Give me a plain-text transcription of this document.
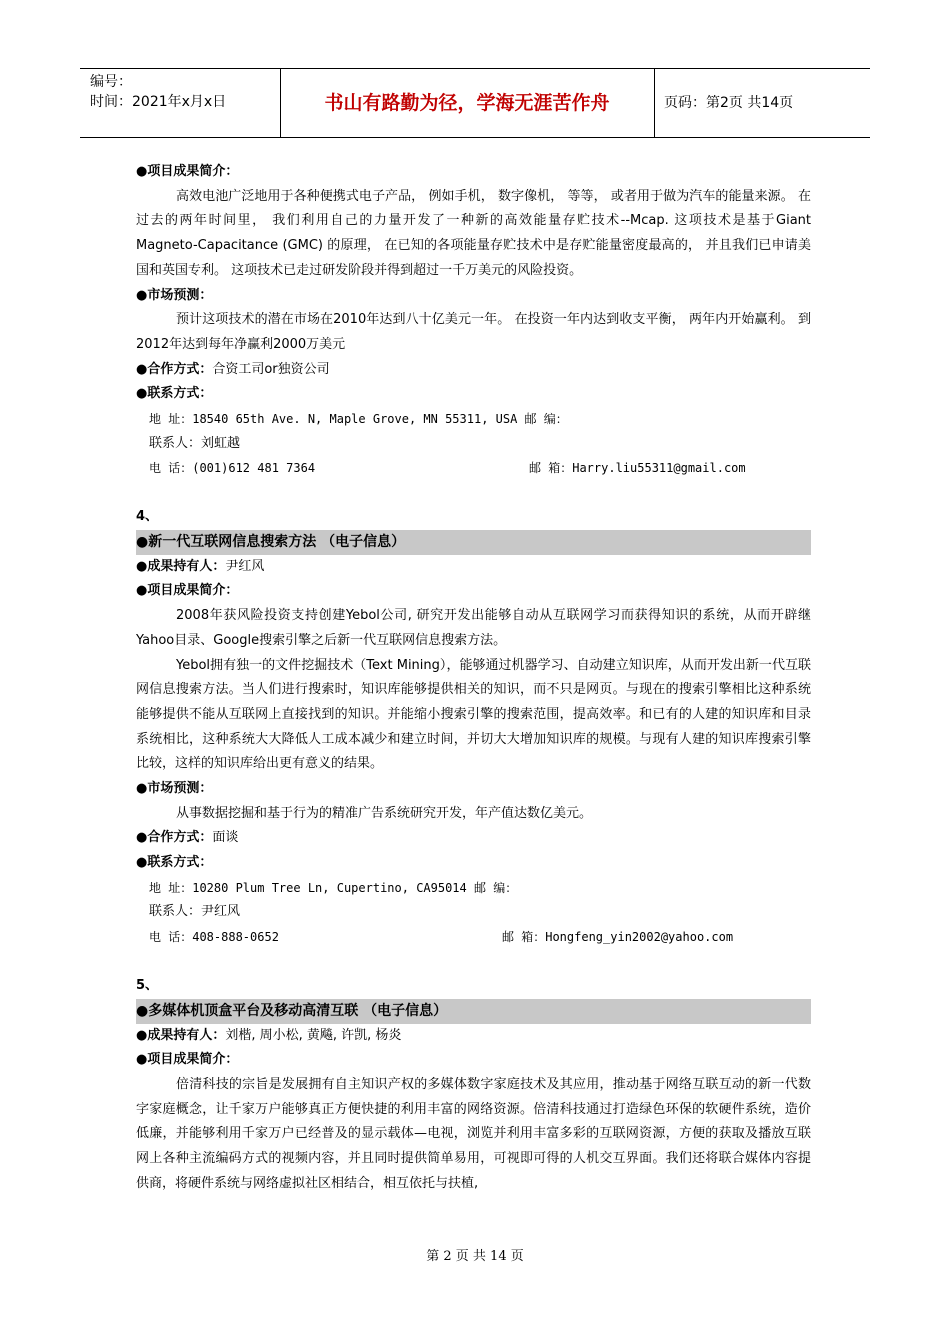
编号：
时间：2021年x月x日	书山有路勤为径，学海无涯苦作舟	页码：第2页 共14页
●项目成果简介：

高效电池广泛地用于各种便携式电子产品， 例如手机， 数字像机， 等等， 或者用于做为汽车的能量来源。 在过去的两年时间里， 我们利用自己的力量开发了一种新的高效能量存贮技术--Mcap. 这项技术是基于Giant Magneto-Capacitance (GMC) 的原理， 在已知的各项能量存贮技术中是存贮能量密度最高的， 并且我们已申请美国和英国专利。 这项技术已走过研发阶段并得到超过一千万美元的风险投资。

●市场预测：

预计这项技术的潜在市场在2010年达到八十亿美元一年。 在投资一年内达到收支平衡， 两年内开始赢利。 到2012年达到每年净赢利2000万美元

●合作方式：合资工司or独资公司
●联系方式：
地 址：18540 65th Ave. N, Maple Grove, MN 55311, USA 邮 编：
联系人：刘虹越
电 话：(001)612 481 7364	邮 箱：Harry.liu55311@gmail.com
4、
●新一代互联网信息搜索方法 （电子信息）
●成果持有人：尹红风
●项目成果简介：

2008年获风险投资支持创建Yebol公司, 研究开发出能够自动从互联网学习而获得知识的系统，从而开辟继Yahoo目录、Google搜索引擎之后新一代互联网信息搜索方法。

Yebol拥有独一的文件挖掘技术（Text Mining），能够通过机器学习、自动建立知识库，从而开发出新一代互联网信息搜索方法。当人们进行搜索时，知识库能够提供相关的知识，而不只是网页。与现在的搜索引擎相比这种系统能够提供不能从互联网上直接找到的知识。并能缩小搜索引擎的搜索范围，提高效率。和已有的人建的知识库和目录系统相比，这种系统大大降低人工成本减少和建立时间，并切大大增加知识库的规模。与现有人建的知识库搜索引擎比较，这样的知识库给出更有意义的结果。

●市场预测：

从事数据挖掘和基于行为的精准广告系统研究开发，年产值达数亿美元。

●合作方式：面谈
●联系方式：
地 址：10280 Plum Tree Ln, Cupertino, CA95014 邮 编：
联系人：尹红风
电 话：408-888-0652	邮 箱：Hongfeng_yin2002@yahoo.com
5、
●多媒体机顶盒平台及移动高清互联 （电子信息）
●成果持有人：刘楷, 周小松, 黄飚, 许凯, 杨炎
●项目成果简介：

倍清科技的宗旨是发展拥有自主知识产权的多媒体数字家庭技术及其应用，推动基于网络互联互动的新一代数字家庭概念，让千家万户能够真正方便快捷的利用丰富的网络资源。倍清科技通过打造绿色环保的软硬件系统，造价低廉，并能够利用千家万户已经普及的显示载体—电视，浏览并利用丰富多彩的互联网资源，方便的获取及播放互联网上各种主流编码方式的视频内容，并且同时提供简单易用，可视即可得的人机交互界面。我们还将联合媒体内容提供商，将硬件系统与网络虚拟社区相结合，相互依托与扶植,

第 2 页 共 14 页
